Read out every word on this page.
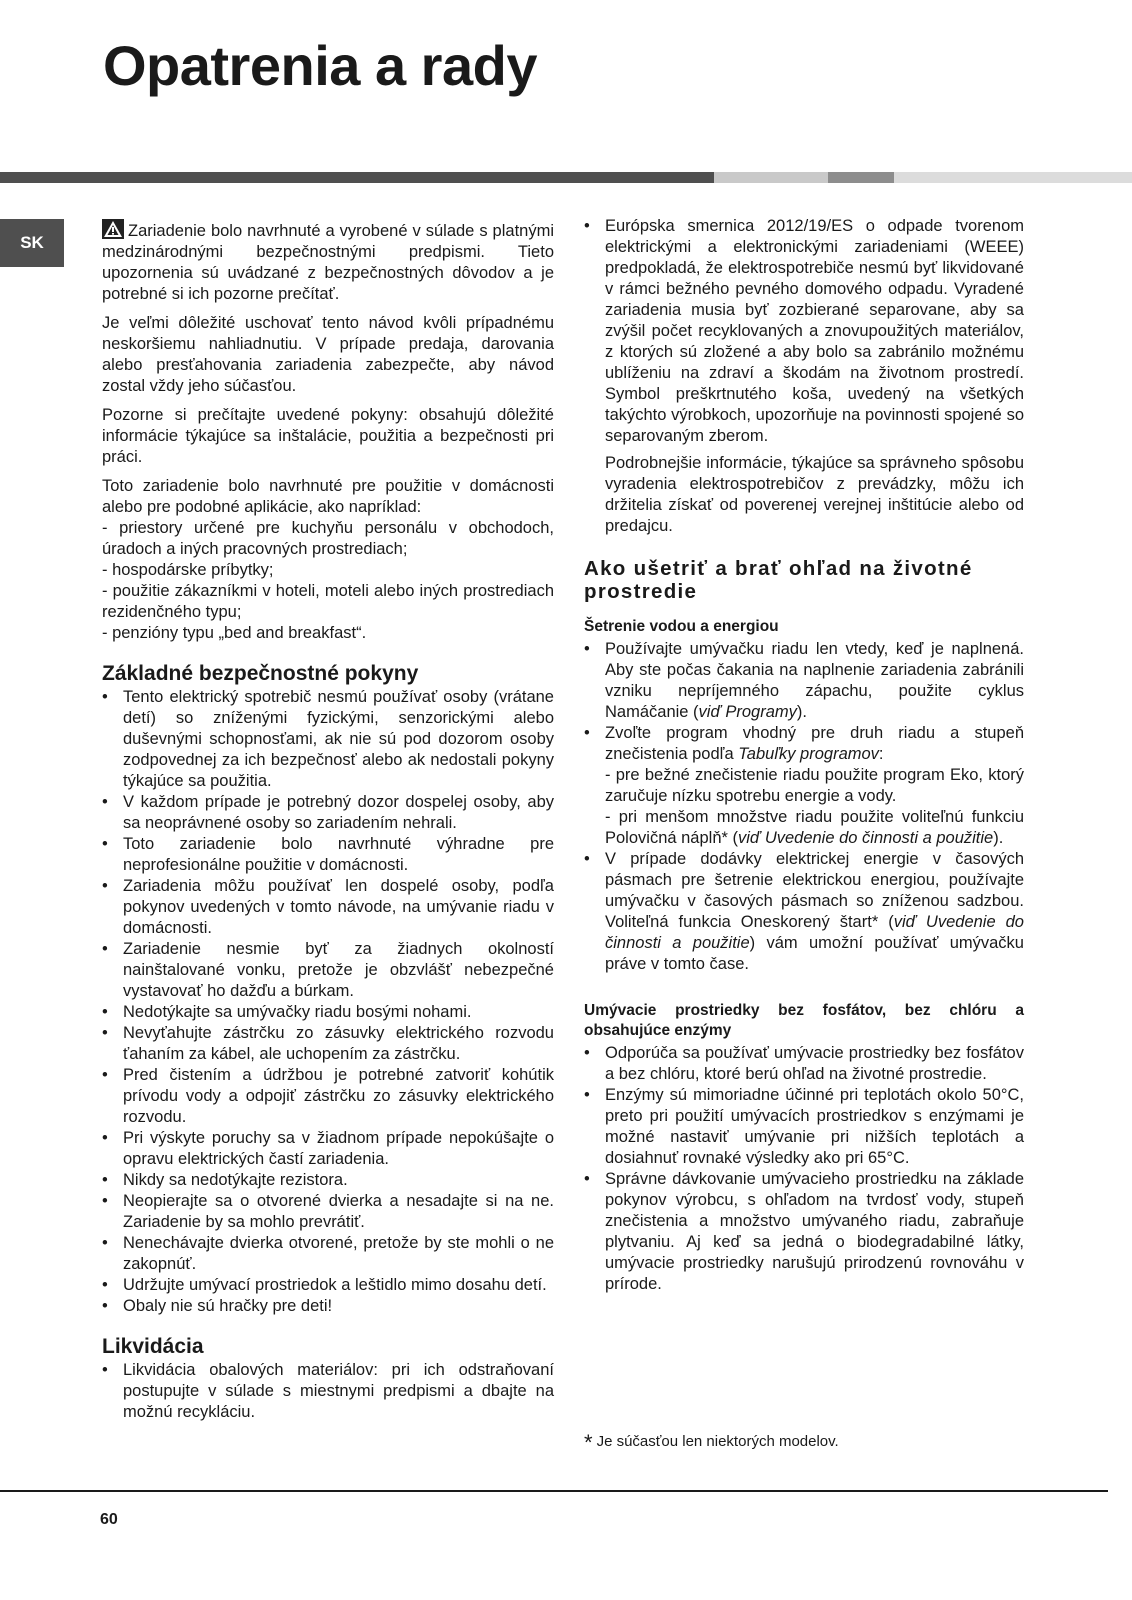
Opatrenia a rady
SK

Zariadenie bolo navrhnuté a vyrobené v súlade s platnými medzinárodnými bezpečnostnými predpismi. Tieto upozornenia sú uvádzané z bezpečnostných dôvodov a je potrebné si ich pozorne prečítať.

Je veľmi dôležité uschovať tento návod kvôli prípadnému neskoršiemu nahliadnutiu. V prípade predaja, darovania alebo presťahovania zariadenia zabezpečte, aby návod zostal vždy jeho súčasťou.

Pozorne si prečítajte uvedené pokyny: obsahujú dôležité informácie týkajúce sa inštalácie, použitia a bezpečnosti pri práci.

Toto zariadenie bolo navrhnuté pre použitie v domácnosti alebo pre podobné aplikácie, ako napríklad:

- priestory určené pre kuchyňu personálu v obchodoch, úradoch a iných pracovných prostrediach;
- hospodárske príbytky;
- použitie zákazníkmi v hoteli, moteli alebo iných prostrediach rezidenčného typu;
- penzióny typu „bed and breakfast“.
Základné bezpečnostné pokyny
• Tento elektrický spotrebič nesmú používať osoby (vrátane detí) so zníženými fyzickými, senzorickými alebo duševnými schopnosťami, ak nie sú pod dozorom osoby zodpovednej za ich bezpečnosť alebo ak nedostali pokyny týkajúce sa použitia.
• V každom prípade je potrebný dozor dospelej osoby, aby sa neoprávnené osoby so zariadením nehrali.
• Toto zariadenie bolo navrhnuté výhradne pre neprofesionálne použitie v domácnosti.
• Zariadenia môžu používať len dospelé osoby, podľa pokynov uvedených v tomto návode, na umývanie riadu v domácnosti.
• Zariadenie nesmie byť za žiadnych okolností nainštalované vonku, pretože je obzvlášť nebezpečné vystavovať ho dažďu a búrkam.
• Nedotýkajte sa umývačky riadu bosými nohami.
• Nevyťahujte zástrčku zo zásuvky elektrického rozvodu ťahaním za kábel, ale uchopením za zástrčku.
• Pred čistením a údržbou je potrebné zatvoriť kohútik prívodu vody a odpojiť zástrčku zo zásuvky elektrického rozvodu.
• Pri výskyte poruchy sa v žiadnom prípade nepokúšajte o opravu elektrických častí zariadenia.
• Nikdy sa nedotýkajte rezistora.
• Neopierajte sa o otvorené dvierka a nesadajte si na ne. Zariadenie by sa mohlo prevrátiť.
• Nenechávajte dvierka otvorené, pretože by ste mohli o ne zakopnúť.
• Udržujte umývací prostriedok a leštidlo mimo dosahu detí.
• Obaly nie sú hračky pre deti!
Likvidácia
• Likvidácia obalových materiálov: pri ich odstraňovaní postupujte v súlade s miestnymi predpismi a dbajte na možnú recykláciu.
• Európska smernica 2012/19/ES o odpade tvorenom elektrickými a elektronickými zariadeniami (WEEE) predpokladá, že elektrospotrebiče nesmú byť likvidované v rámci bežného pevného domového odpadu. Vyradené zariadenia musia byť zozbierané separovane, aby sa zvýšil počet recyklovaných a znovupoužitých materiálov, z ktorých sú zložené a aby bolo sa zabránilo možnému ublíženiu na zdraví a škodám na životnom prostredí. Symbol preškrtnutého koša, uvedený na všetkých takýchto výrobkoch, upozorňuje na povinnosti spojené so separovaným zberom.

Podrobnejšie informácie, týkajúce sa správneho spôsobu vyradenia elektrospotrebičov z prevádzky, môžu ich držitelia získať od poverenej verejnej inštitúcie alebo od predajcu.

Ako ušetriť a brať ohľad na životné prostredie
Šetrenie vodou a energiou
• Používajte umývačku riadu len vtedy, keď je naplnená. Aby ste počas čakania na naplnenie zariadenia zabránili vzniku nepríjemného zápachu, použite cyklus Namáčanie (viď Programy).
• Zvoľte program vhodný pre druh riadu a stupeň znečistenia podľa Tabuľky programov:
- pre bežné znečistenie riadu použite program Eko, ktorý zaručuje nízku spotrebu energie a vody.
- pri menšom množstve riadu použite voliteľnú funkciu Polovičná náplň* (viď Uvedenie do činnosti a použitie).
• V prípade dodávky elektrickej energie v časových pásmach pre šetrenie elektrickou energiou, používajte umývačku v časových pásmach so zníženou sadzbou. Voliteľná funkcia Oneskorený štart* (viď Uvedenie do činnosti a použitie) vám umožní používať umývačku práve v tomto čase.
Umývacie prostriedky bez fosfátov, bez chlóru a obsahujúce enzýmy
• Odporúča sa používať umývacie prostriedky bez fosfátov a bez chlóru, ktoré berú ohľad na životné prostredie.
• Enzýmy sú mimoriadne účinné pri teplotách okolo 50°C, preto pri použití umývacích prostriedkov s enzýmami je možné nastaviť umývanie pri nižších teplotách a dosiahnuť rovnaké výsledky ako pri 65°C.
• Správne dávkovanie umývacieho prostriedku na základe pokynov výrobcu, s ohľadom na tvrdosť vody, stupeň znečistenia a množstvo umývaného riadu, zabraňuje plytvaniu. Aj keď sa jedná o biodegradabilné látky, umývacie prostriedky narušujú prirodzenú rovnováhu v prírode.
* Je súčasťou len niektorých modelov.
60
